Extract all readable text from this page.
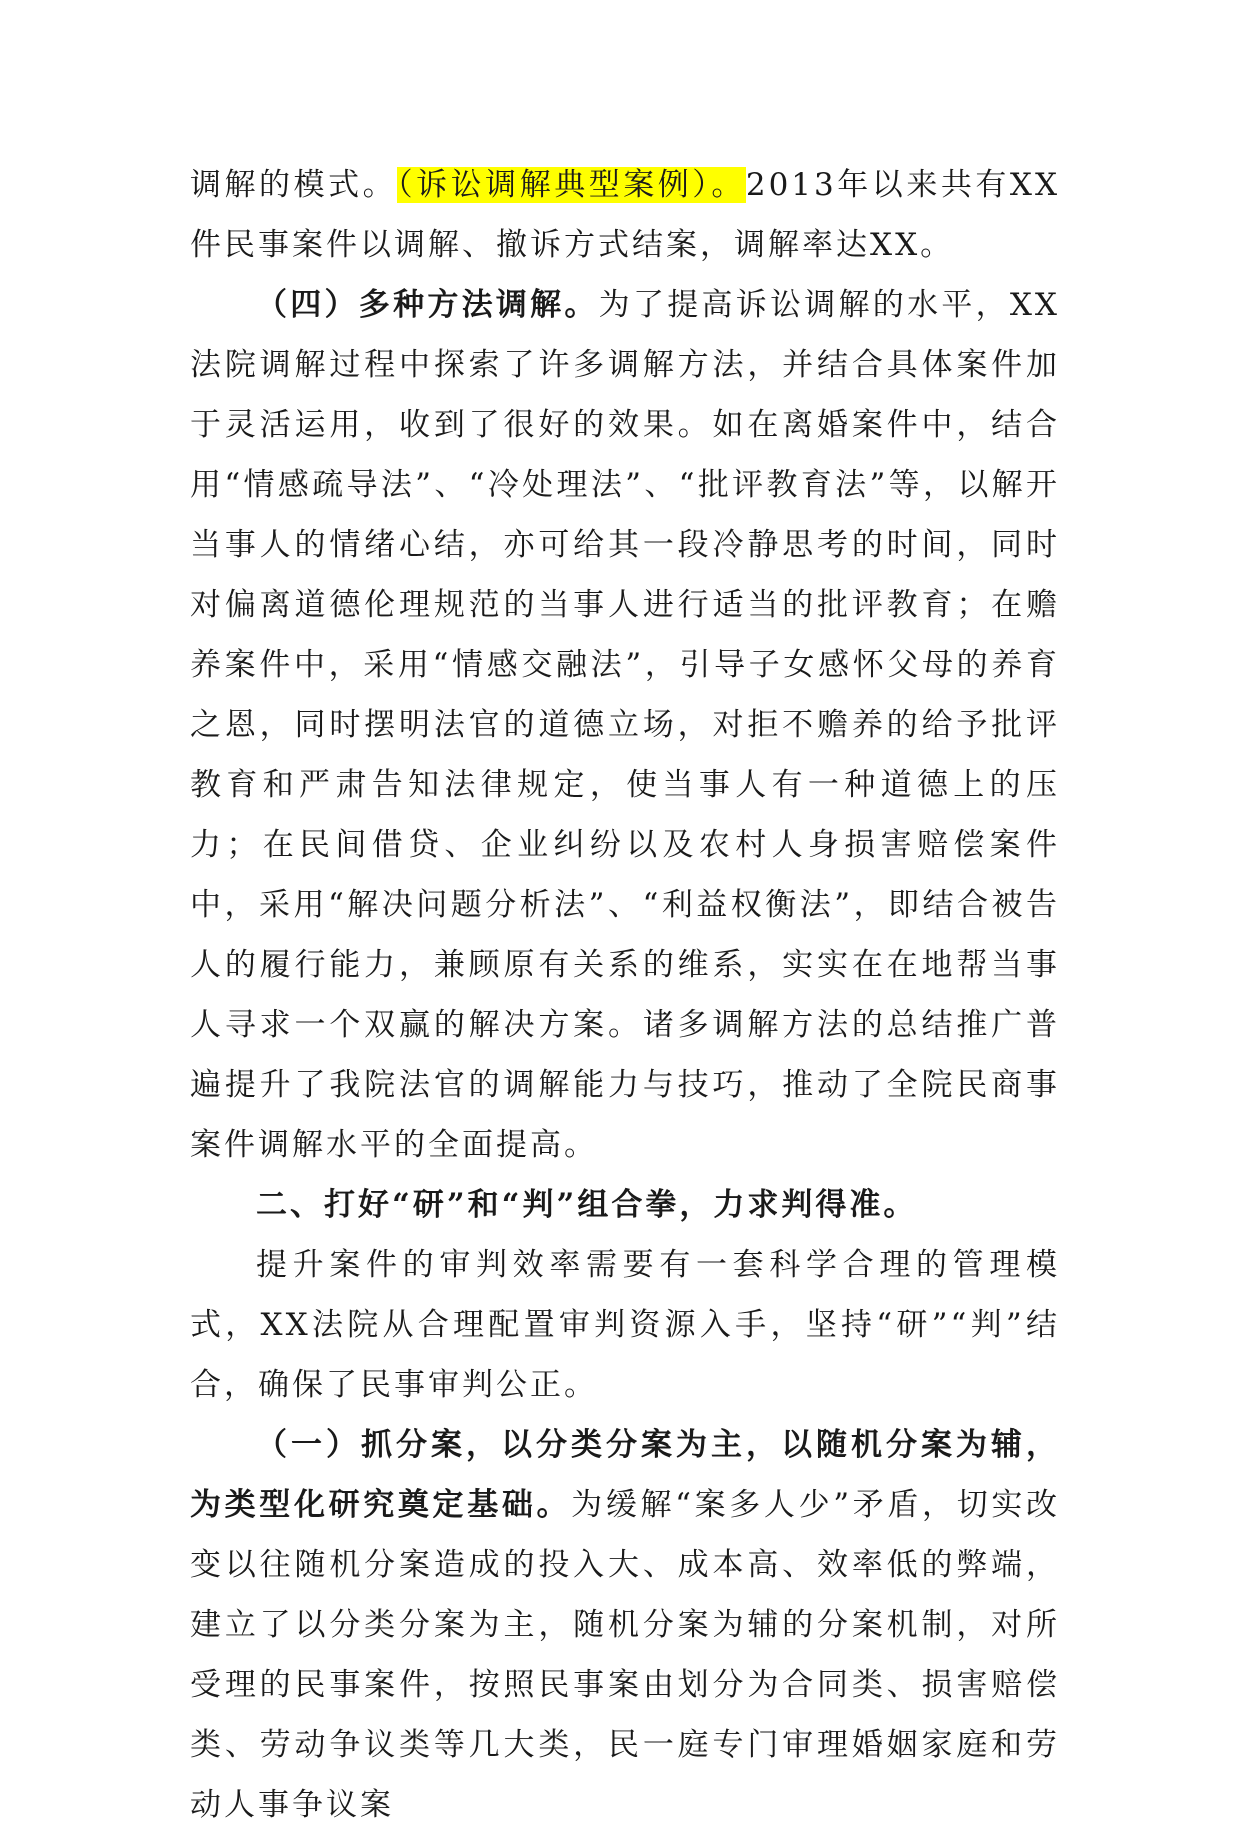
调解的模式。（诉讼调解典型案例）。2013年以来共有XX件民事案件以调解、撤诉方式结案，调解率达XX。

（四）多种方法调解。为了提高诉讼调解的水平，XX法院调解过程中探索了许多调解方法，并结合具体案件加于灵活运用，收到了很好的效果。如在离婚案件中，结合用“情感疏导法”、“冷处理法”、“批评教育法”等，以解开当事人的情绪心结，亦可给其一段冷静思考的时间，同时对偏离道德伦理规范的当事人进行适当的批评教育；在赡养案件中，采用“情感交融法”，引导子女感怀父母的养育之恩，同时摆明法官的道德立场，对拒不赡养的给予批评教育和严肃告知法律规定，使当事人有一种道德上的压力；在民间借贷、企业纠纷以及农村人身损害赔偿案件中，采用“解决问题分析法”、“利益权衡法”，即结合被告人的履行能力，兼顾原有关系的维系，实实在在地帮当事人寻求一个双赢的解决方案。诸多调解方法的总结推广普遍提升了我院法官的调解能力与技巧，推动了全院民商事案件调解水平的全面提高。

二、打好“研”和“判”组合拳，力求判得准。

提升案件的审判效率需要有一套科学合理的管理模式，XX法院从合理配置审判资源入手，坚持“研”“判”结合，确保了民事审判公正。

（一）抓分案，以分类分案为主，以随机分案为辅，为类型化研究奠定基础。为缓解“案多人少”矛盾，切实改变以往随机分案造成的投入大、成本高、效率低的弊端，建立了以分类分案为主，随机分案为辅的分案机制，对所受理的民事案件，按照民事案由划分为合同类、损害赔偿类、劳动争议类等几大类，民一庭专门审理婚姻家庭和劳动人事争议案
